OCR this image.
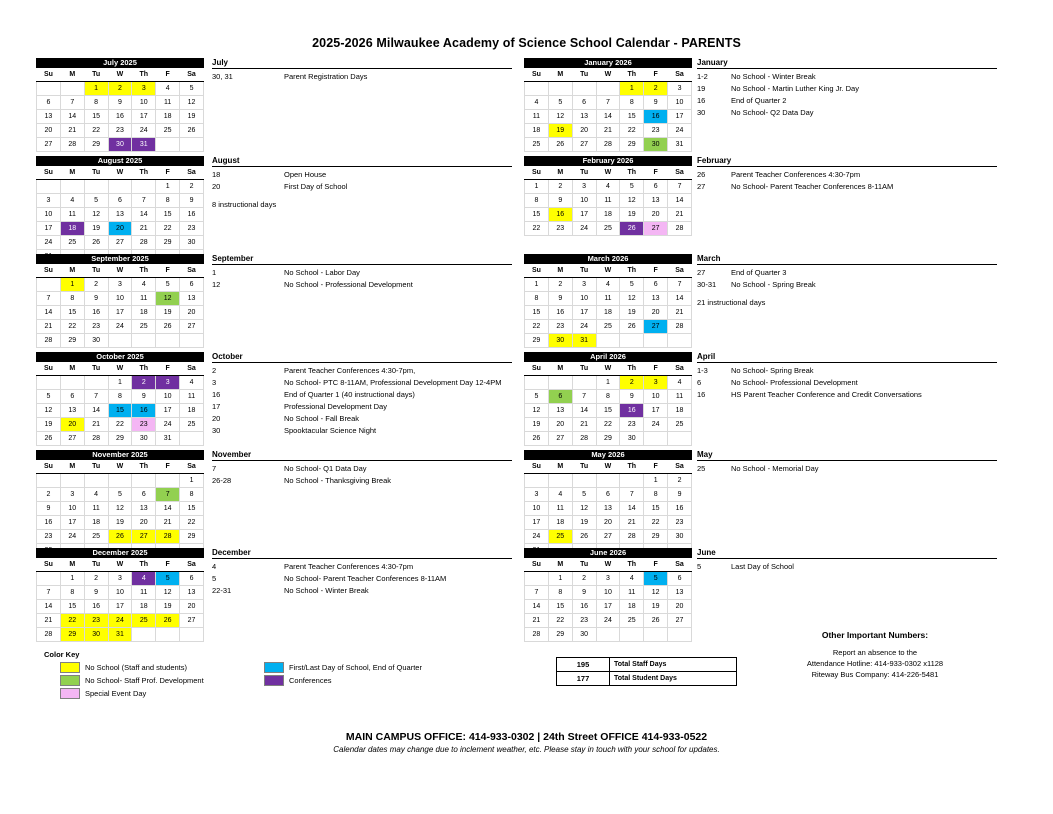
2025-2026 Milwaukee Academy of Science School Calendar - PARENTS
July 2025
Su	M	Tu	W	Th	F	Sa
		1	2	3	4	5
6	7	8	9	10	11	12
13	14	15	16	17	18	19
20	21	22	23	24	25	26
27	28	29	30	31		
August 2025
Su	M	Tu	W	Th	F	Sa
					1	2
3	4	5	6	7	8	9
10	11	12	13	14	15	16
17	18	19	20	21	22	23
24	25	26	27	28	29	30

September 2025
Su	M	Tu	W	Th	F	Sa
	1	2	3	4	5	6
7	8	9	10	11	12	13
14	15	16	17	18	19	20
21	22	23	24	25	26	27
28	29	30				
October 2025
Su	M	Tu	W	Th	F	Sa
			1	2	3	4
5	6	7	8	9	10	11
12	13	14	15	16	17	18
19	20	21	22	23	24	25
26	27	28	29	30	31	
November 2025
Su	M	Tu	W	Th	F	Sa
						1
2	3	4	5	6	7	8
9	10	11	12	13	14	15
16	17	18	19	20	21	22
23	24	25	26	27	28	29

December 2025
Su	M	Tu	W	Th	F	Sa
	1	2	3	4	5	6
7	8	9	10	11	12	13
14	15	16	17	18	19	20
21	22	23	24	25	26	27
28	29	30	31			
January 2026
Su	M	Tu	W	Th	F	Sa
				1	2	3
4	5	6	7	8	9	10
11	12	13	14	15	16	17
18	19	20	21	22	23	24
25	26	27	28	29	30	31
February 2026
Su	M	Tu	W	Th	F	Sa
1	2	3	4	5	6	7
8	9	10	11	12	13	14
15	16	17	18	19	20	21
22	23	24	25	26	27	28
March 2026
Su	M	Tu	W	Th	F	Sa
1	2	3	4	5	6	7
8	9	10	11	12	13	14
15	16	17	18	19	20	21
22	23	24	25	26	27	28
29	30	31				
April 2026
Su	M	Tu	W	Th	F	Sa
			1	2	3	4
5	6	7	8	9	10	11
12	13	14	15	16	17	18
19	20	21	22	23	24	25
26	27	28	29	30		
May 2026
Su	M	Tu	W	Th	F	Sa
					1	2
3	4	5	6	7	8	9
10	11	12	13	14	15	16
17	18	19	20	21	22	23
24	25	26	27	28	29	30

June 2026
Su	M	Tu	W	Th	F	Sa
	1	2	3	4	5	6
7	8	9	10	11	12	13
14	15	16	17	18	19	20
21	22	23	24	25	26	27
28	29	30				
July
30, 31	Parent Registration Days
August
18	Open House
20	First Day of School
8 instructional days
September
1	No School - Labor Day
12	No School - Professional Development
October
2	Parent Teacher Conferences 4:30-7pm,
3	No School- PTC 8-11AM, Professional Development Day 12-4PM
16	End of Quarter 1 (40 instructional days)
17	Professional Development Day
20	No School - Fall Break
30	Spooktacular Science Night
November
7	No School- Q1 Data Day
26-28	No School - Thanksgiving Break
December
4	Parent Teacher Conferences 4:30-7pm
5	No School- Parent Teacher Conferences 8-11AM
22-31	No School - Winter Break
January
1-2	No School - Winter Break
19	No School - Martin Luther King Jr. Day
16	End of Quarter 2
30	No School- Q2 Data Day
February
26	Parent Teacher Conferences 4:30-7pm
27	No School- Parent Teacher Conferences 8-11AM
March
27	End of Quarter 3
30-31	No School - Spring Break
21 instructional days
April
1-3	No School- Spring Break
6	No School- Professional Development
16	HS Parent Teacher Conference and Credit Conversations
May
25	No School - Memorial Day
June
5	Last Day of School
Color Key
No School (Staff and students)
No School- Staff Prof. Development
Special Event Day
First/Last Day of School, End of Quarter
Conferences
195	Total Staff Days
177	Total Student Days
Other Important Numbers:
Report an absence to the
Attendance Hotline: 414-933-0302 x1128
Riteway Bus Company: 414-226-5481
MAIN CAMPUS OFFICE: 414-933-0302 | 24th Street OFFICE 414-933-0522
Calendar dates may change due to inclement weather, etc. Please stay in touch with your school for updates.
